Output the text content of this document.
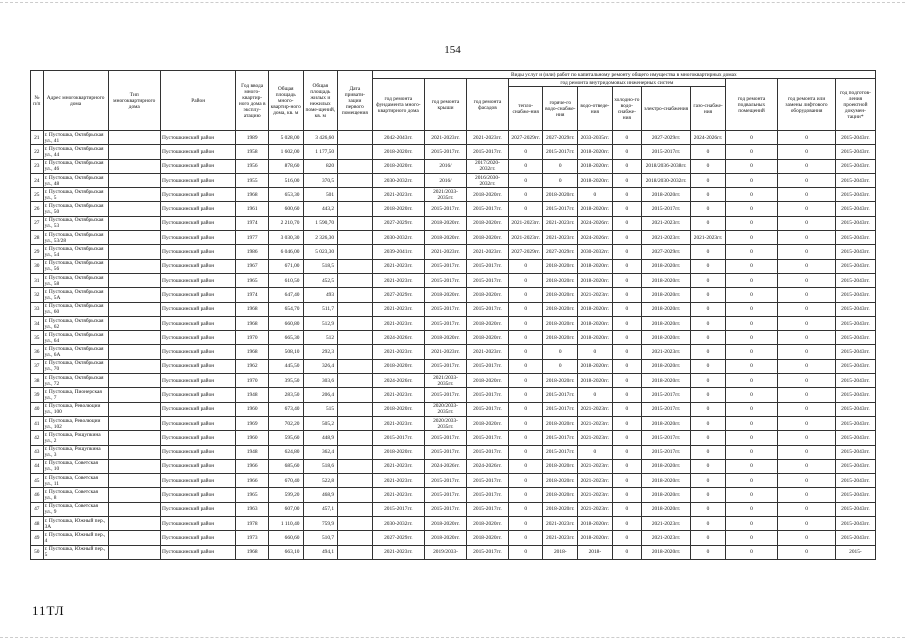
154
№ п/п	Адрес многоквартирного дома	Тип многоквартирного дома	Район	Год ввода много-квартир-ного дома в эксплу-атацию	Общая площадь много-квартир-ного дома, кв. м	Общая площадь жилых и нежилых поме-щений, кв. м	Дата привати-зации первого помещения	Виды услуг и (или) работ по капитальному ремонту общего имущества в многоквартирных домах											
								год ремонта фундамента много-квартирного дома	год ремонта крыши	год ремонта фасадов	год ремонта внутридомовых инженерных систем						год ремонта подвальных помещений	год ремонта или замены лифтового оборудования	год подготов-ления проектной докумен-тации*
											тепло-снабже-ния	горяче-го водо-снабже-ния	водо-отведе-ния	холодно-го водо-снабже-ния	электро-снабжения	газо-снабже-ния			
21	г. Пустошка, Октябрьская ул., 41		Пустошкинский район	1989	5 028,00	3 426,60		2042-2043гг.	2021-2023гг.	2021-2023гг.	2027-2029гг.	2027-2029гг.	2033-2035гг.	0	2027-2029гг.	2024-2026гг.	0	0	2015-2043гг.
22	г. Пустошка, Октябрьская ул., 44		Пустошкинский район	1958	1 602,00	1 177,50		2018-2020гг.	2015-2017гг.	2015-2017гг.	0	2015-2017гг.	2018-2020гг.	0	2015-2017гг.	0	0	0	2015-2043гг.
23	г. Пустошка, Октябрьская ул., 46		Пустошкинский район	1956	878,60	820		2018-2020гг.	2016/	2017/2020-2032гг.	0	0	2018-2020гг.	0	2018/2036-2038гг.	0	0	0	2015-2043гг.
24	г. Пустошка, Октябрьская ул., 48		Пустошкинский район	1955	516,00	370,5		2030-2032гг.	2016/	2016/2030-2032гг.	0	0	2018-2020гг.	0	2018/2030-2032гг.	0	0	0	2015-2043гг.
25	г. Пустошка, Октябрьская ул., 5		Пустошкинский район	1968	653,30	501		2021-2023гг.	2021/2033-2035гг.	2018-2020гг.	0	2018-2020гг.	0	0	2018-2020гг.	0	0	0	2015-2043гг.
26	г. Пустошка, Октябрьская ул., 50		Пустошкинский район	1961	600,60	443,2		2018-2020гг.	2015-2017гг.	2015-2017гг.	0	2015-2017гг.	2018-2020гг.	0	2015-2017гг.	0	0	0	2015-2043гг.
27	г. Пустошка, Октябрьская ул., 53		Пустошкинский район	1974	2 210,70	1 590,70		2027-2029гг.	2018-2020гг.	2018-2020гг.	2021-2023гг.	2021-2023гг.	2024-2026гг.	0	2021-2023гг.	0	0	0	2015-2043гг.
28	г. Пустошка, Октябрьская ул., 53/28		Пустошкинский район	1977	3 030,30	2 326,30		2030-2032гг.	2018-2020гг.	2018-2020гг.	2021-2023гг.	2021-2023гг.	2024-2026гг.	0	2021-2023гг.	2021-2023гг.	0	0	2015-2043гг.
29	г. Пустошка, Октябрьская ул., 54		Пустошкинский район	1986	6 046,00	5 023,30		2039-2041гг.	2021-2023гг.	2021-2023гг.	2027-2029гг.	2027-2029гг.	2030-2032гг.	0	2027-2029гг.	0	0	0	2015-2043гг.
30	г. Пустошка, Октябрьская ул., 56		Пустошкинский район	1967	671,00	518,5		2021-2023гг.	2015-2017гг.	2015-2017гг.	0	2018-2020гг.	2018-2020гг.	0	2018-2020гг.	0	0	0	2015-2043гг.
31	г. Пустошка, Октябрьская ул., 58		Пустошкинский район	1965	610,50	452,5		2021-2023гг.	2015-2017гг.	2015-2017гг.	0	2018-2020гг.	2018-2020гг.	0	2018-2020гг.	0	0	0	2015-2043гг.
32	г. Пустошка, Октябрьская ул., 5А		Пустошкинский район	1974	647,40	493		2027-2029гг.	2018-2020гг.	2018-2020гг.	0	2018-2020гг.	2021-2023гг.	0	2018-2020гг.	0	0	0	2015-2043гг.
33	г. Пустошка, Октябрьская ул., 60		Пустошкинский район	1968	654,70	511,7		2021-2023гг.	2015-2017гг.	2015-2017гг.	0	2018-2020гг.	2018-2020гг.	0	2018-2020гг.	0	0	0	2015-2043гг.
34	г. Пустошка, Октябрьская ул., 62		Пустошкинский район	1968	660,80	512,9		2021-2023гг.	2015-2017гг.	2018-2020гг.	0	2018-2020гг.	2018-2020гг.	0	2018-2020гг.	0	0	0	2015-2043гг.
35	г. Пустошка, Октябрьская ул., 64		Пустошкинский район	1970	665,30	512		2024-2026гг.	2018-2020гг.	2018-2020гг.	0	2018-2020гг.	2018-2020гг.	0	2018-2020гг.	0	0	0	2015-2043гг.
36	г. Пустошка, Октябрьская ул., 6А		Пустошкинский район	1968	508,10	292,3		2021-2023гг.	2021-2023гг.	2021-2023гг.	0	0	0	0	2021-2023гг.	0	0	0	2015-2043гг.
37	г. Пустошка, Октябрьская ул., 70		Пустошкинский район	1962	445,50	326,4		2018-2020гг.	2015-2017гг.	2015-2017гг.	0	0	2018-2020гг.	0	2018-2020гг.	0	0	0	2015-2043гг.
38	г. Пустошка, Октябрьская ул., 72		Пустошкинский район	1970	395,50	303,6		2024-2026гг.	2021/2033-2035гг.	2018-2020гг.	0	2018-2020гг.	2018-2020гг.	0	2018-2020гг.	0	0	0	2015-2043гг.
39	г. Пустошка, Пионерская ул., 7		Пустошкинский район	1948	283,50	206,4		2021-2023гг.	2015-2017гг.	2015-2017гг.	0	2015-2017гг.	0	0	2015-2017гг.	0	0	0	2015-2043гг.
40	г. Пустошка, Революции ул., 100		Пустошкинский район	1960	673,40	515		2018-2020гг.	2020/2033-2035гг.	2015-2017гг.	0	2015-2017гг.	2021-2023гг.	0	2015-2017гг.	0	0	0	2015-2043гг.
41	г. Пустошка, Революции ул., 102		Пустошкинский район	1969	702,20	505,2		2021-2023гг.	2020/2033-2035гг.	2018-2020гг.	0	2018-2020гг.	2021-2023гг.	0	2018-2020гг.	0	0	0	2015-2043гг.
42	г. Пустошка, Рощупкина ул., 2		Пустошкинский район	1960	595,60	448,9		2015-2017гг.	2015-2017гг.	2015-2017гг.	0	2015-2017гг.	2021-2023гг.	0	2015-2017гг.	0	0	0	2015-2043гг.
43	г. Пустошка, Рощупкина ул., 3		Пустошкинский район	1948	624,80	362,4		2018-2020гг.	2015-2017гг.	2015-2017гг.	0	2015-2017гг.	0	0	2015-2017гг.	0	0	0	2015-2043гг.
44	г. Пустошка, Советская ул., 10		Пустошкинский район	1966	685,60	518,6		2021-2023гг.	2024-2026гг.	2024-2026гг.	0	2018-2020гг.	2021-2023гг.	0	2018-2020гг.	0	0	0	2015-2043гг.
45	г. Пустошка, Советская ул., 11		Пустошкинский район	1966	670,40	522,8		2021-2023гг.	2015-2017гг.	2015-2017гг.	0	2018-2020гг.	2021-2023гг.	0	2018-2020гг.	0	0	0	2015-2043гг.
46	г. Пустошка, Советская ул., 8		Пустошкинский район	1965	599,20	468,9		2021-2023гг.	2015-2017гг.	2015-2017гг.	0	2018-2020гг.	2021-2023гг.	0	2018-2020гг.	0	0	0	2015-2043гг.
47	г. Пустошка, Советская ул., 9		Пустошкинский район	1963	607,00	457,1		2015-2017гг.	2015-2017гг.	2015-2017гг.	0	2018-2020гг.	2021-2023гг.	0	2018-2020гг.	0	0	0	2015-2043гг.
48	г. Пустошка, Южный пер., 3А		Пустошкинский район	1978	1 110,40	759,9		2030-2032гг.	2018-2020гг.	2018-2020гг.	0	2021-2023гг.	2018-2020гг.	0	2021-2023гг.	0	0	0	2015-2043гг.
49	г. Пустошка, Южный пер., 4		Пустошкинский район	1973	660,60	510,7		2027-2029гг.	2018-2020гг.	2018-2020гг.	0	2021-2023гг.	2018-2020гг.	0	2021-2023гг.	0	0	0	2015-2043гг.
50	г. Пустошка, Южный пер., 5		Пустошкинский район	1968	663,10	494,1		2021-2023гг.	2019/2033-	2015-2017гг.	0	2018-	2018-	0	2018-2020гг.	0	0	0	2015-
11ТЛ
